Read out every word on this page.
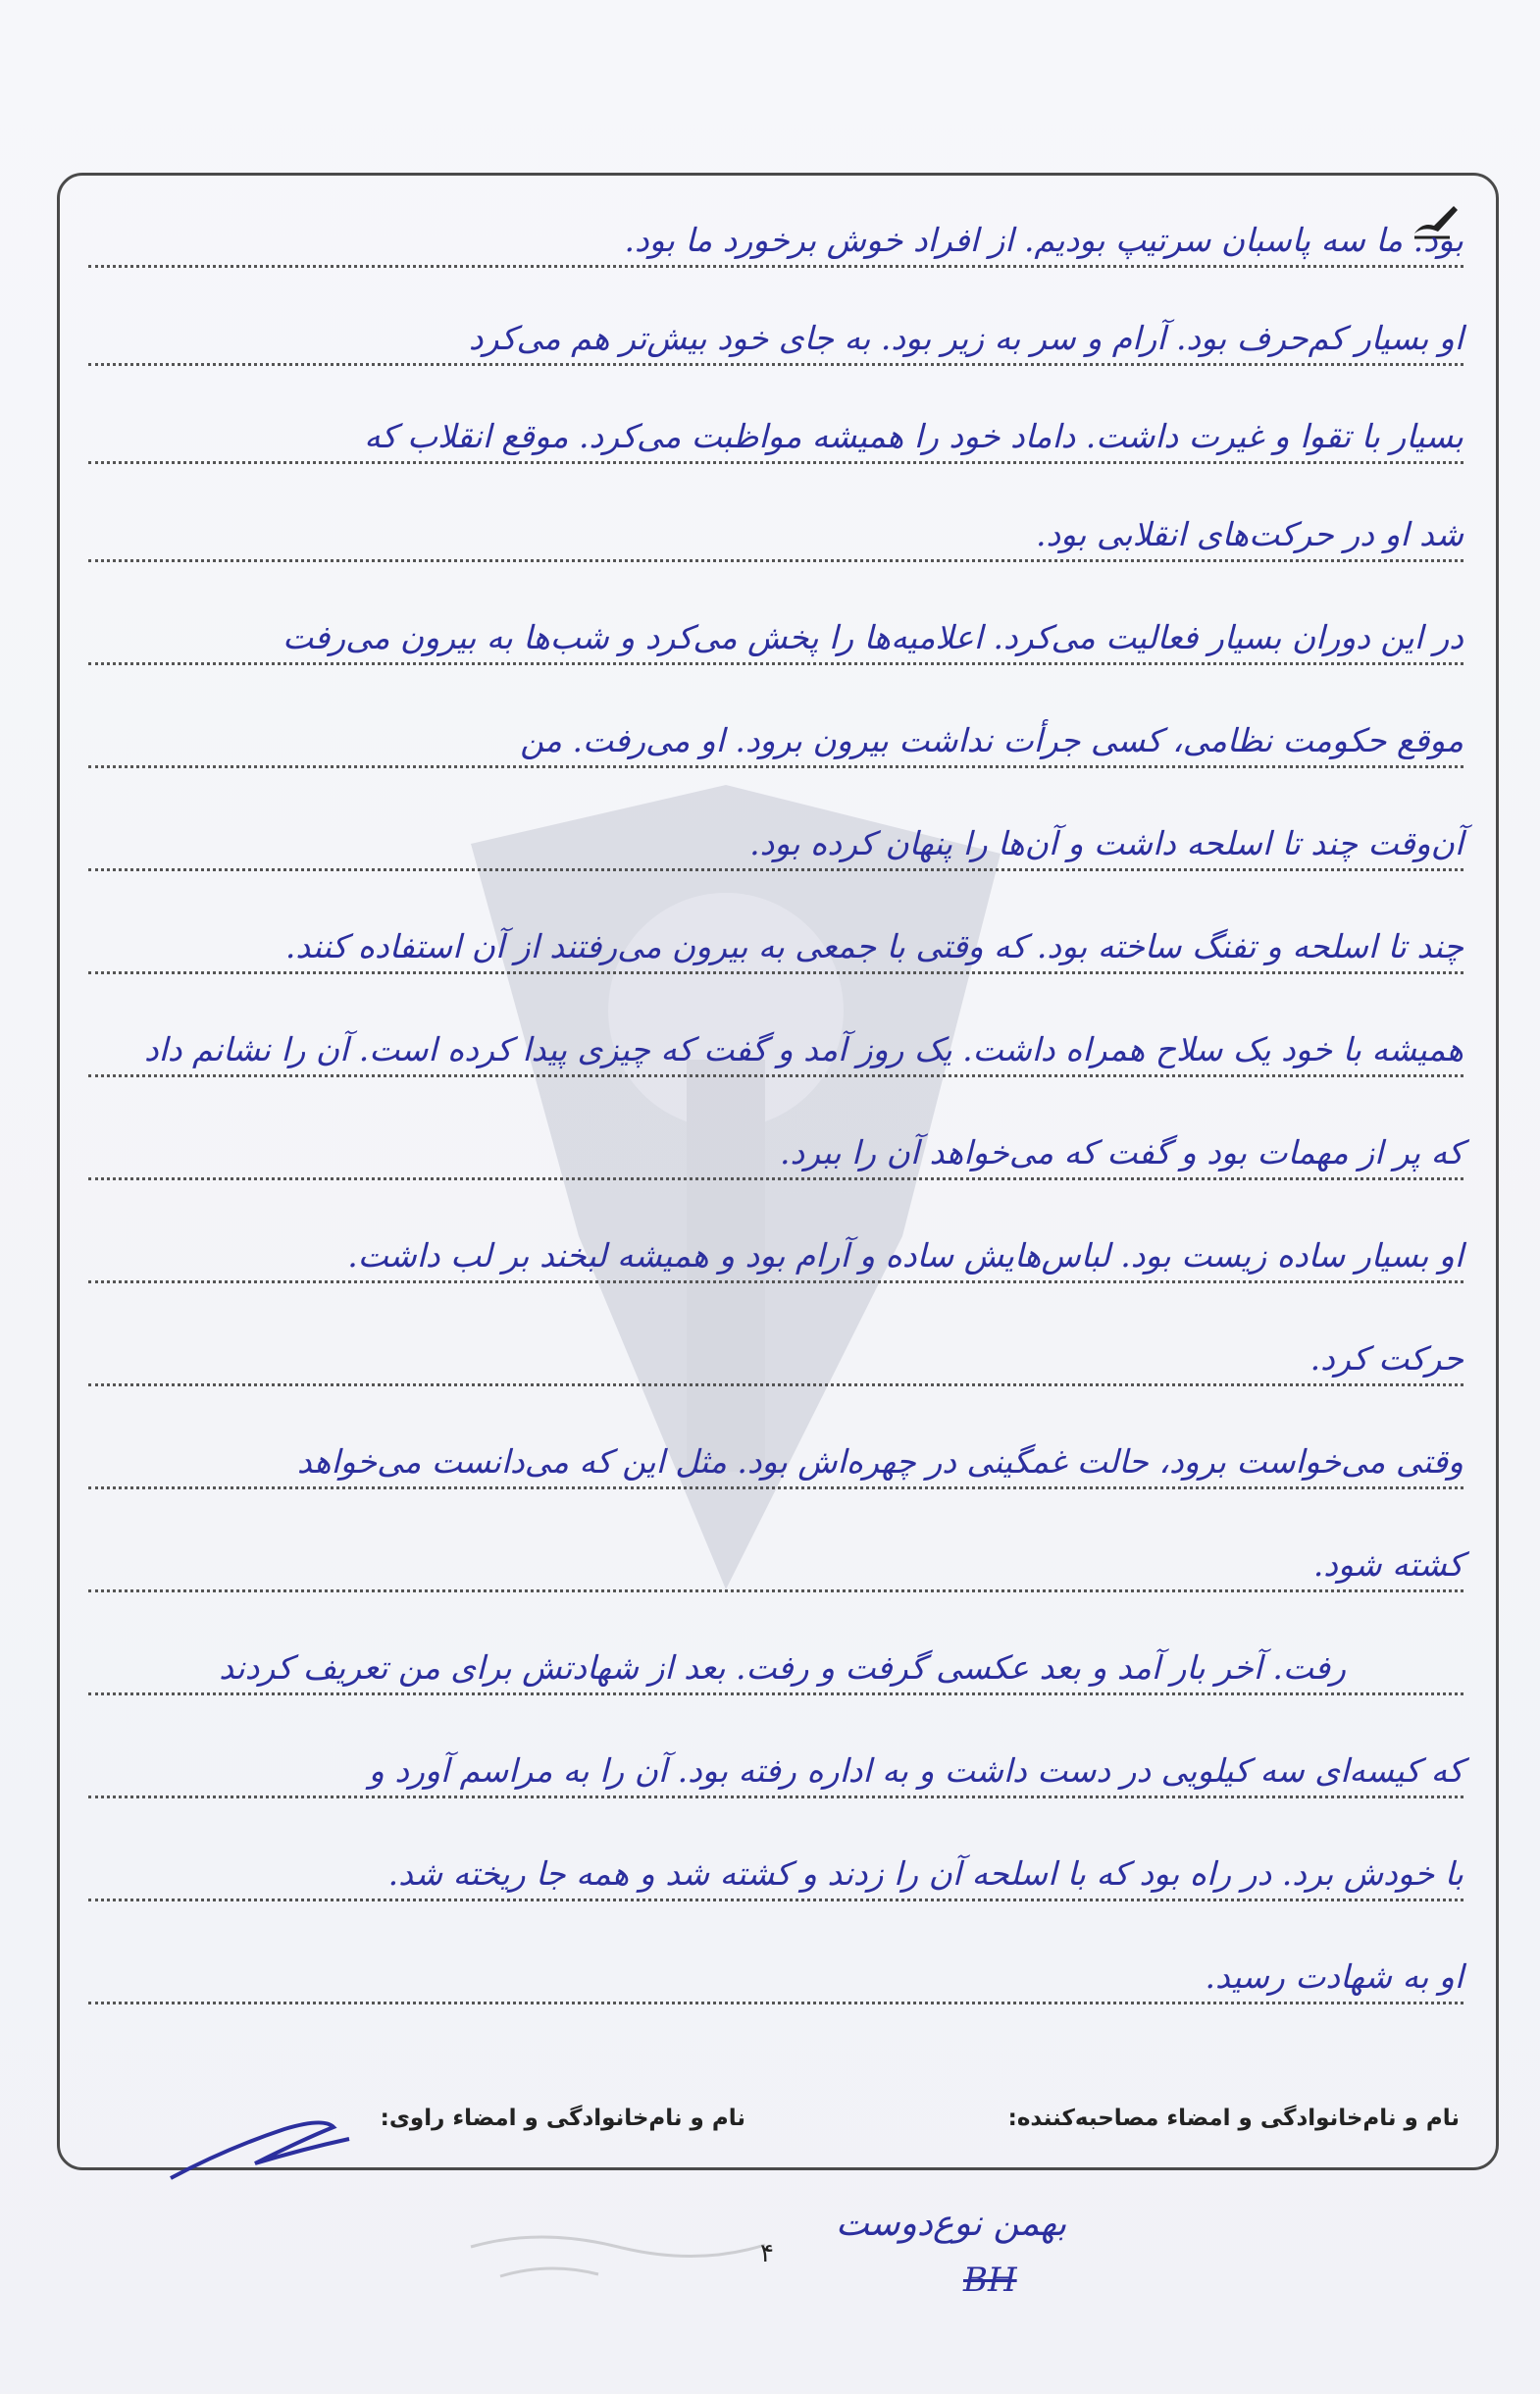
بود. ما سه پاسبان سرتیپ بودیم. از افراد خوش برخورد ما بود.
او بسیار کم‌حرف بود. آرام و سر به زیر بود. به جای خود بیش‌تر هم می‌کرد
بسیار با تقوا و غیرت داشت. داماد خود را همیشه مواظبت می‌کرد. موقع انقلاب که
شد او در حرکت‌های انقلابی بود.
در این دوران بسیار فعالیت می‌کرد. اعلامیه‌ها را پخش می‌کرد و شب‌ها به بیرون می‌رفت
موقع حکومت نظامی، کسی جرأت نداشت بیرون برود. او می‌رفت. من
آن‌وقت چند تا اسلحه داشت و آن‌ها را پنهان کرده بود.
چند تا اسلحه و تفنگ ساخته بود. که وقتی با جمعی به بیرون می‌رفتند از آن استفاده کنند.
همیشه با خود یک سلاح همراه داشت. یک روز آمد و گفت که چیزی پیدا کرده است. آن را نشانم داد
که پر از مهمات بود و گفت که می‌خواهد آن را ببرد.
او بسیار ساده زیست بود. لباس‌هایش ساده و آرام بود و همیشه لبخند بر لب داشت.
حرکت کرد.
وقتی می‌خواست برود، حالت غمگینی در چهره‌اش بود. مثل این که می‌دانست می‌خواهد
کشته شود.
رفت. آخر بار آمد و بعد عکسی گرفت و رفت. بعد از شهادتش برای من تعریف کردند
که کیسه‌ای سه کیلویی در دست داشت و به اداره رفته بود. آن را به مراسم آورد و
با خودش برد. در راه بود که با اسلحه آن را زدند و کشته شد و همه جا ریخته شد.
او به شهادت رسید.
نام و نام‌خانوادگی و امضاء مصاحبه‌کننده:
نام و نام‌خانوادگی و امضاء راوی:
بهمن نوع‌دوست
۴
BH
